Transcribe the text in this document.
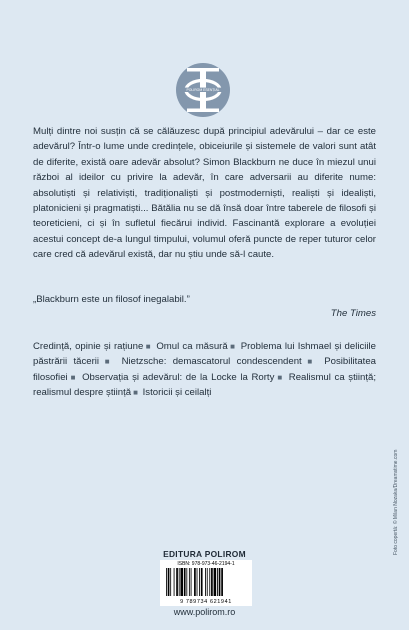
POLIROM ESENȚIAL
Mulți dintre noi susțin că se călăuzesc după principiul adevărului – dar ce este adevărul? Într-o lume unde credințele, obiceiurile și sistemele de valori sunt atât de diferite, există oare adevăr absolut? Simon Blackburn ne duce în miezul unui război al ideilor cu privire la adevăr, în care adversarii au diferite nume: absolutiști și relativiști, tradiționaliști și postmoderniști, realiști și idealiști, platonicieni și pragmatiști... Bătălia nu se dă însă doar între taberele de filosofi și teoreticieni, ci și în sufletul fiecărui individ. Fascinantă explorare a evoluției acestui concept de-a lungul timpului, volumul oferă puncte de reper tuturor celor care cred că adevărul există, dar nu știu unde să-l caute.
„Blackburn este un filosof inegalabil.”
The Times
Credință, opinie și rațiune ■ Omul ca măsură ■ Problema lui Ishmael și deliciile păstrării tăcerii ■ Nietzsche: demascatorul condescendent ■ Posibilitatea filosofiei ■ Observația și adevărul: de la Locke la Rorty ■ Realismul ca știință; realismul despre știință ■ Istoricii și ceilalți
EDITURA POLIROM
ISBN: 978-973-46-2194-1
9 789734 621941
www.polirom.ro
Foto copertă: © Milan Nozaka/Dreamstime.com
